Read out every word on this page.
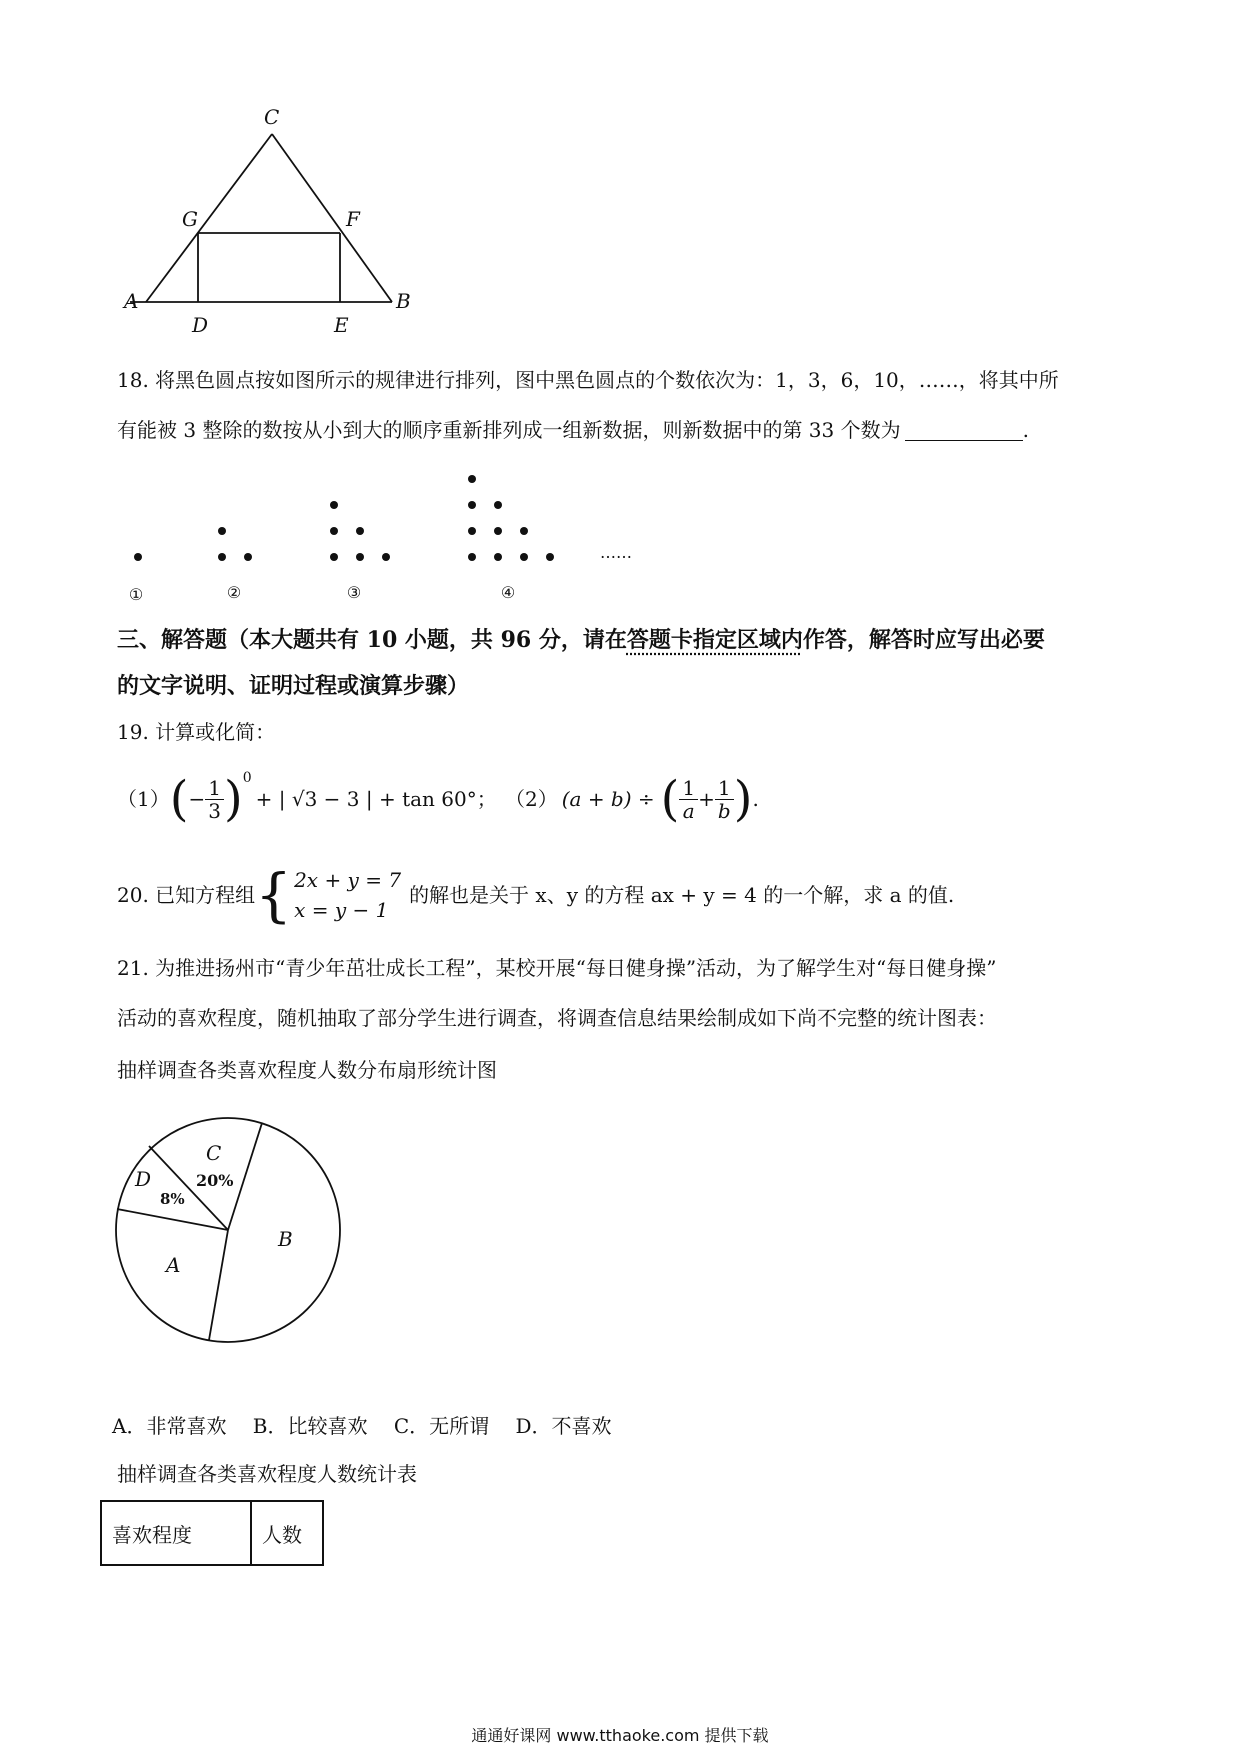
C
G	F
A
D	E
B
18. 将黑色圆点按如图所示的规律进行排列，图中黑色圆点的个数依次为：1，3，6，10，……，将其中所
有能被 3 整除的数按从小到大的顺序重新排列成一组新数据，则新数据中的第 33 个数为	.
①	②	③	④
……
三、解答题（本大题共有 10 小题，共 96 分，请在答题卡指定区域内作答，解答时应写出必要
的文字说明、证明过程或演算步骤）
19. 计算或化简：
（1） ( − $\frac{1}{3}$ ) 0
+ | √3 − 3 | + tan 60°； （2） (a + b) ÷ ( $\frac{1}{a} + \frac{1}{b}$ ) .
20. 已知方程组 { 2x + y = 7
x = y − 1
的解也是关于 x、y 的方程 ax + y = 4 的一个解，求 a 的值.
21. 为推进扬州市“青少年茁壮成长工程”，某校开展“每日健身操”活动，为了解学生对“每日健身操”
活动的喜欢程度，随机抽取了部分学生进行调查，将调查信息结果绘制成如下尚不完整的统计图表：
抽样调查各类喜欢程度人数分布扇形统计图
C
20%
B
A
D
8%
A．非常喜欢　 B．比较喜欢　 C．无所谓　 D．不喜欢
抽样调查各类喜欢程度人数统计表
喜欢程度	人数
通通好课网 www.tthaoke.com 提供下载
